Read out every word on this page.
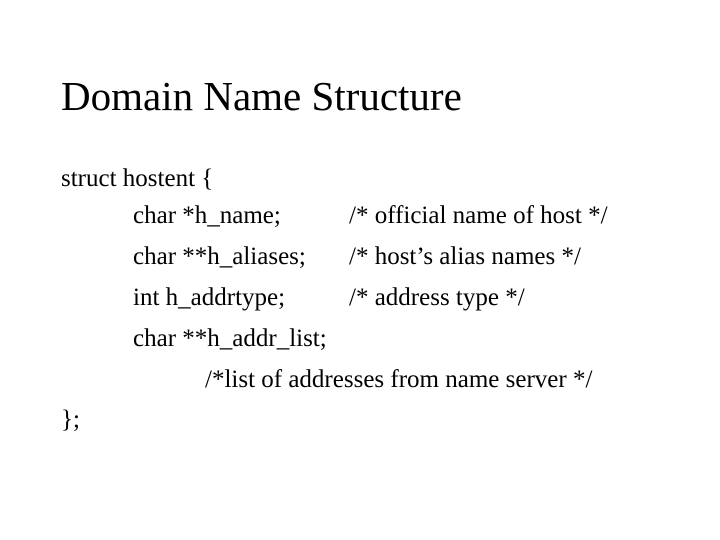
Domain Name Structure
struct hostent {
char *h_name;	/* official name of host */
char **h_aliases; /* host’s alias names */
int h_addrtype;	/* address type */
char **h_addr_list;
/*list of addresses from name server */
};
